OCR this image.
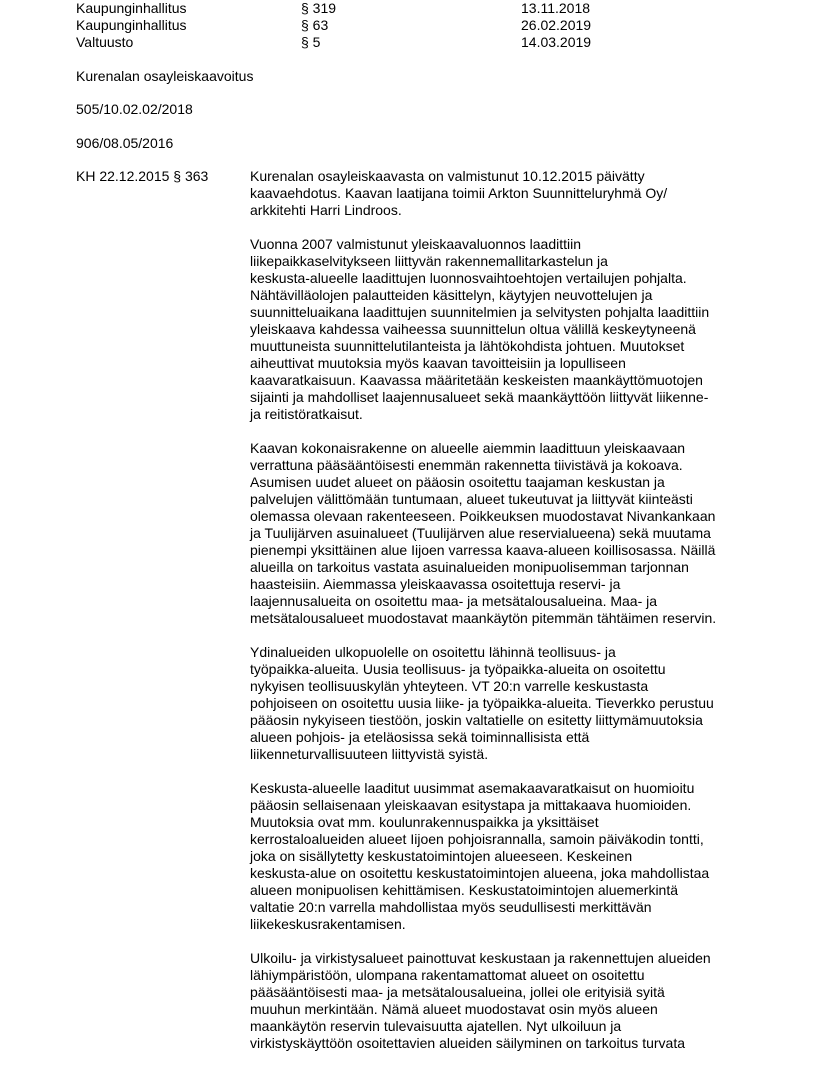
Kaupunginhallitus	§ 319	13.11.2018
Kaupunginhallitus	§ 63	26.02.2019
Valtuusto	§ 5	14.03.2019
Kurenalan osayleiskaavoitus
505/10.02.02/2018
906/08.05/2016
KH 22.12.2015 § 363	Kurenalan osayleiskaavasta on valmistunut 10.12.2015 päivätty
kaavaehdotus. Kaavan laatijana toimii Arkton Suunnitteluryhmä Oy/
arkkitehti Harri Lindroos.

Vuonna 2007 valmistunut yleiskaavaluonnos laadittiin
liikepaikkaselvitykseen liittyvän rakennemallitarkastelun ja
keskusta-alueelle laadittujen luonnosvaihtoehtojen vertailujen pohjalta.
Nähtävilläolojen palautteiden käsittelyn, käytyjen neuvottelujen ja
suunnitteluaikana laadittujen suunnitelmien ja selvitysten pohjalta laadittiin
yleiskaava kahdessa vaiheessa suunnittelun oltua välillä keskeytyneenä
muuttuneista suunnittelutilanteista ja lähtökohdista johtuen. Muutokset
aiheuttivat muutoksia myös kaavan tavoitteisiin ja lopulliseen
kaavaratkaisuun. Kaavassa määritetään keskeisten maankäyttömuotojen
sijainti ja mahdolliset laajennusalueet sekä maankäyttöön liittyvät liikenne-
ja reitistöratkaisut.

Kaavan kokonaisrakenne on alueelle aiemmin laadittuun yleiskaavaan
verrattuna pääsääntöisesti enemmän rakennetta tiivistävä ja kokoava.
Asumisen uudet alueet on pääosin osoitettu taajaman keskustan ja
palvelujen välittömään tuntumaan, alueet tukeutuvat ja liittyvät kiinteästi
olemassa olevaan rakenteeseen. Poikkeuksen muodostavat Nivankankaan
ja Tuulijärven asuinalueet (Tuulijärven alue reservialueena) sekä muutama
pienempi yksittäinen alue Iijoen varressa kaava-alueen koillisosassa. Näillä
alueilla on tarkoitus vastata asuinalueiden monipuolisemman tarjonnan
haasteisiin. Aiemmassa yleiskaavassa osoitettuja reservi- ja
laajennusalueita on osoitettu maa- ja metsätalousalueina. Maa- ja
metsätalousalueet muodostavat maankäytön pitemmän tähtäimen reservin.

Ydinalueiden ulkopuolelle on osoitettu lähinnä teollisuus- ja
työpaikka-alueita. Uusia teollisuus- ja työpaikka-alueita on osoitettu
nykyisen teollisuuskylän yhteyteen. VT 20:n varrelle keskustasta
pohjoiseen on osoitettu uusia liike- ja työpaikka-alueita. Tieverkko perustuu
pääosin nykyiseen tiestöön, joskin valtatielle on esitetty liittymämuutoksia
alueen pohjois- ja eteläosissa sekä toiminnallisista että
liikenneturvallisuuteen liittyvistä syistä.

Keskusta-alueelle laaditut uusimmat asemakaavaratkaisut on huomioitu
pääosin sellaisenaan yleiskaavan esitystapa ja mittakaava huomioiden.
Muutoksia ovat mm. koulunrakennuspaikka ja yksittäiset
kerrostaloalueiden alueet Iijoen pohjoisrannalla, samoin päiväkodin tontti,
joka on sisällytetty keskustatoimintojen alueeseen. Keskeinen
keskusta-alue on osoitettu keskustatoimintojen alueena, joka mahdollistaa
alueen monipuolisen kehittämisen. Keskustatoimintojen aluemerkintä
valtatie 20:n varrella mahdollistaa myös seudullisesti merkittävän
liikekeskusrakentamisen.

Ulkoilu- ja virkistysalueet painottuvat keskustaan ja rakennettujen alueiden
lähiympäristöön, ulompana rakentamattomat alueet on osoitettu
pääsääntöisesti maa- ja metsätalousalueina, jollei ole erityisiä syitä
muuhun merkintään. Nämä alueet muodostavat osin myös alueen
maankäytön reservin tulevaisuutta ajatellen. Nyt ulkoiluun ja
virkistyskäyttöön osoitettavien alueiden säilyminen on tarkoitus turvata
